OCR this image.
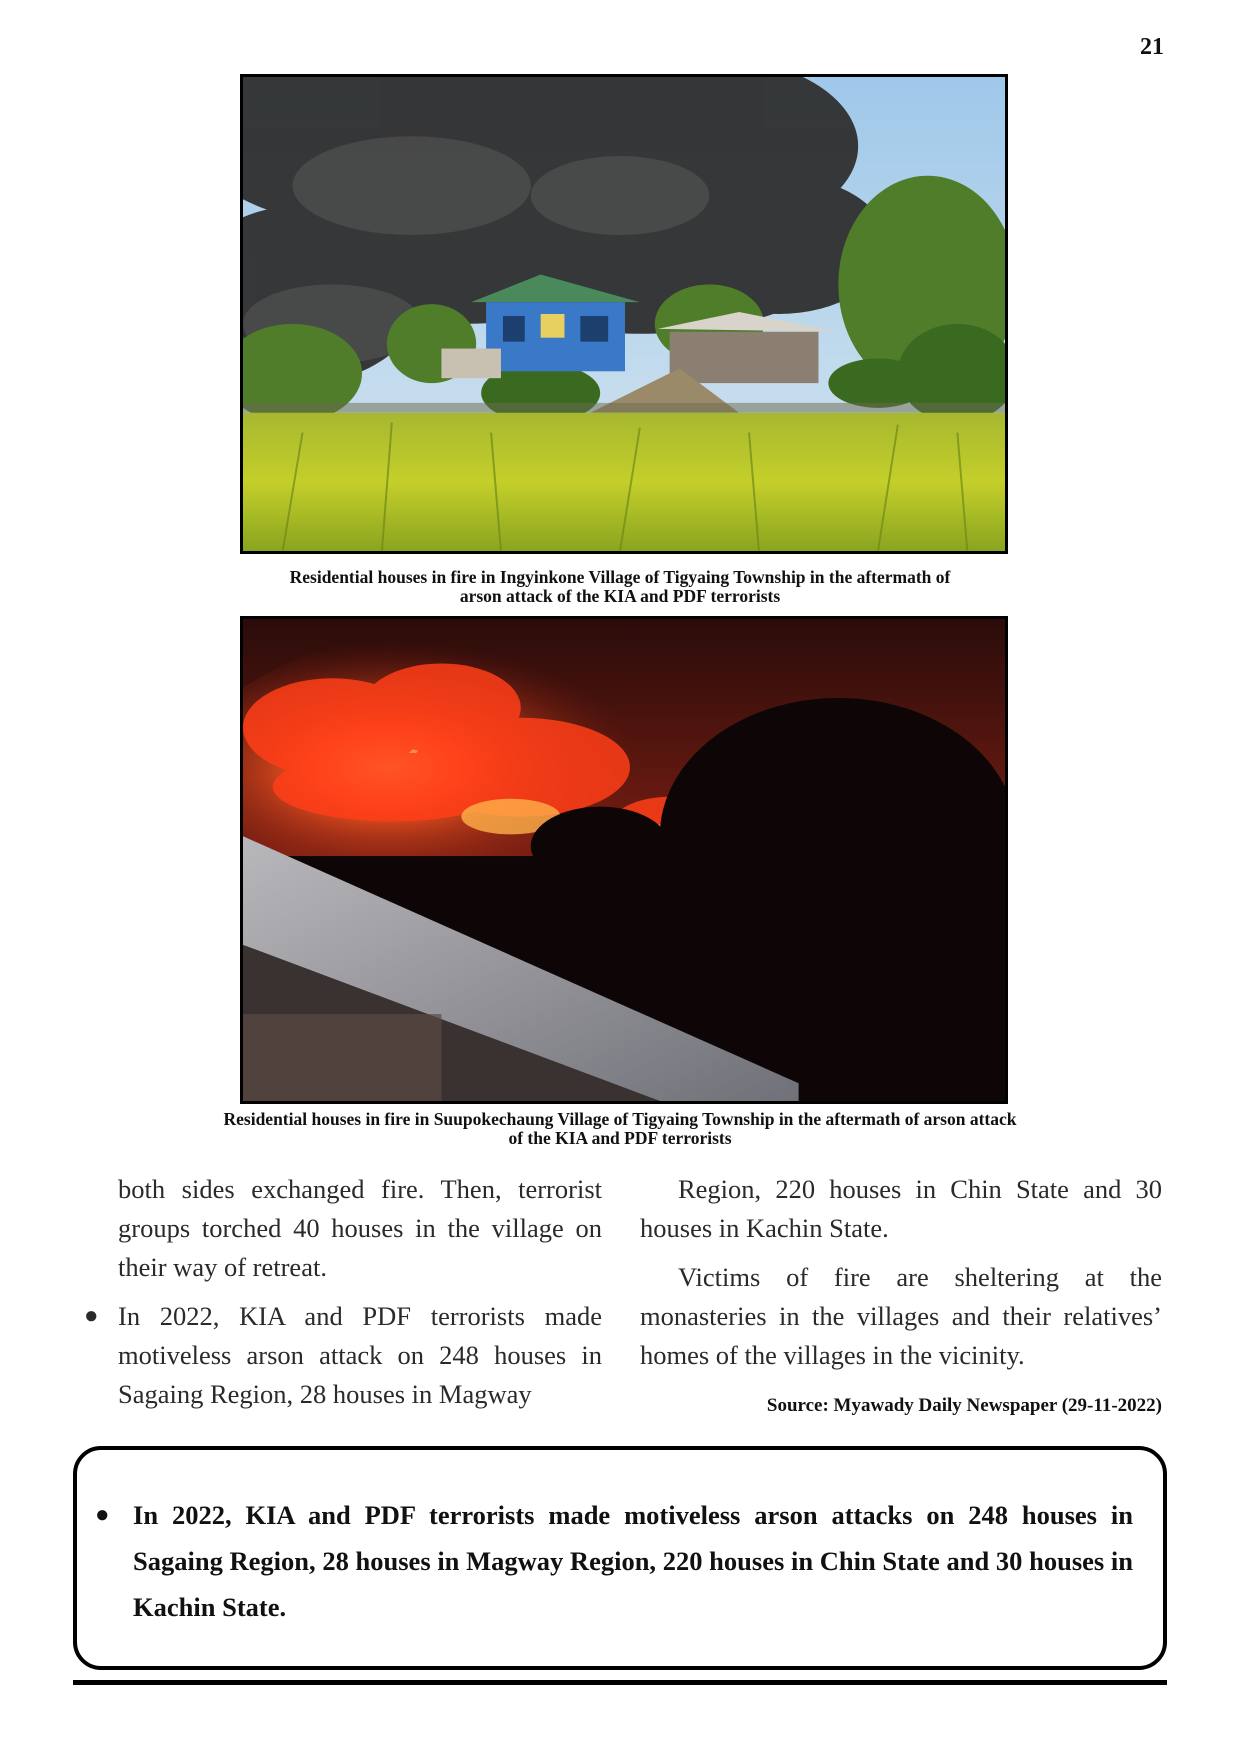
21
Residential houses in fire in Ingyinkone Village of Tigyaing Township in the aftermath of
arson attack of the KIA and PDF terrorists
Residential houses in fire in Suupokechaung Village of Tigyaing Township in the aftermath of arson attack
of the KIA and PDF terrorists

both sides exchanged fire. Then, terrorist groups torched 40 houses in the village on their way of retreat.

● In 2022, KIA and PDF terrorists made motiveless arson attack on 248 houses in Sagaing Region, 28 houses in Magway

Region, 220 houses in Chin State and 30 houses in Kachin State.

Victims of fire are sheltering at the monasteries in the villages and their relatives’ homes of the villages in the vicinity.

Source: Myawady Daily Newspaper (29-11-2022)
● In 2022, KIA and PDF terrorists made motiveless arson attacks on 248 houses in Sagaing Region, 28 houses in Magway Region, 220 houses in Chin State and 30 houses in Kachin State.
